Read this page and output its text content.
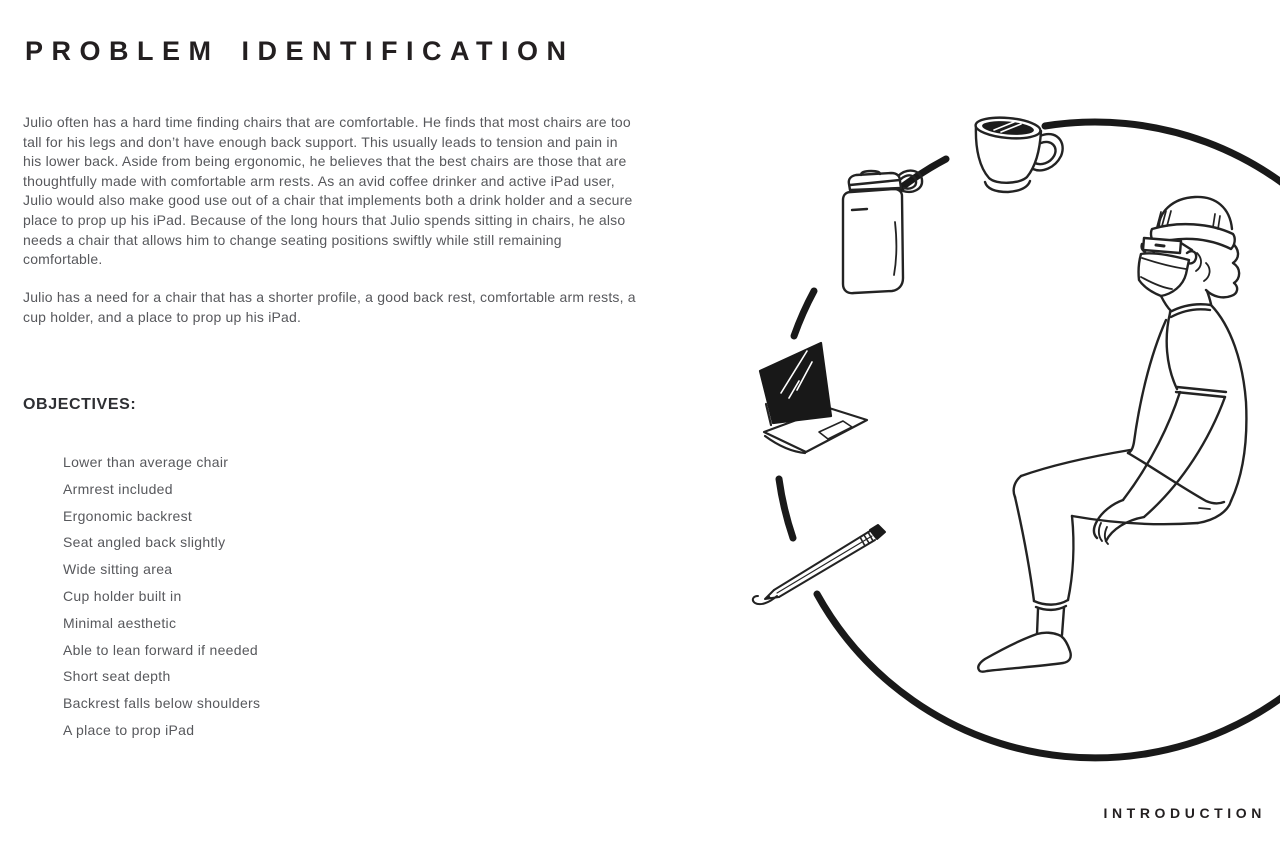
PROBLEM IDENTIFICATION

Julio often has a hard time finding chairs that are comfortable. He finds that most chairs are too tall for his legs and don’t have enough back support. This usually leads to tension and pain in his lower back. Aside from being ergonomic, he believes that the best chairs are those that are thoughtfully made with comfortable arm rests. As an avid coffee drinker and active iPad user, Julio would also make good use out of a chair that implements both a drink holder and a secure place to prop up his iPad. Because of the long hours that Julio spends sitting in chairs, he also needs a chair that allows him to change seating positions swiftly while still remaining comfortable.

Julio has a need for a chair that has a shorter profile, a good back rest, comfortable arm rests, a cup holder, and a place to prop up his iPad.

OBJECTIVES:
Lower than average chair
Armrest included
Ergonomic backrest
Seat angled back slightly
Wide sitting area
Cup holder built in
Minimal aesthetic
Able to lean forward if needed
Short seat depth
Backrest falls below shoulders
A place to prop iPad
INTRODUCTION
